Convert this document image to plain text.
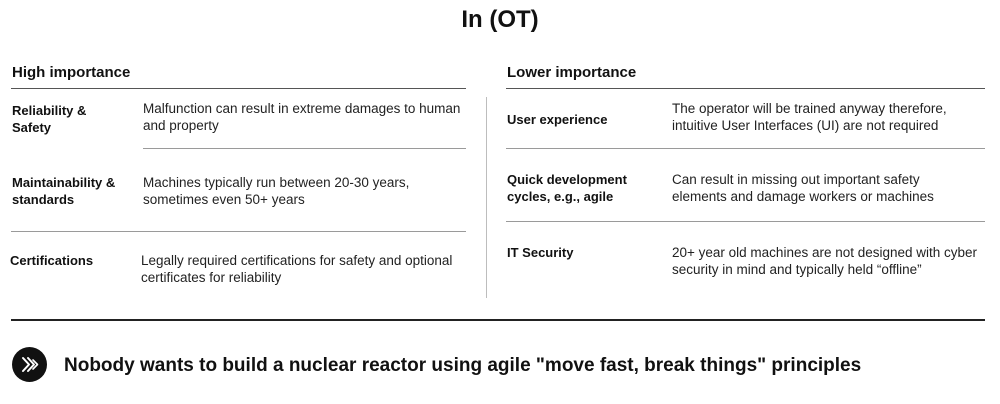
In (OT)
High importance
Reliability & Safety
Malfunction can result in extreme damages to human and property
Maintainability & standards
Machines typically run between 20-30 years, sometimes even 50+ years
Certifications	Legally required certifications for safety and optional certificates for reliability
Lower importance
User experience
The operator will be trained anyway therefore, intuitive User Interfaces (UI) are not required
Quick development cycles, e.g., agile
Can result in missing out important safety elements and damage workers or machines
IT Security	20+ year old machines are not designed with cyber security in mind and typically held “offline”
Nobody wants to build a nuclear reactor using agile "move fast, break things" principles
